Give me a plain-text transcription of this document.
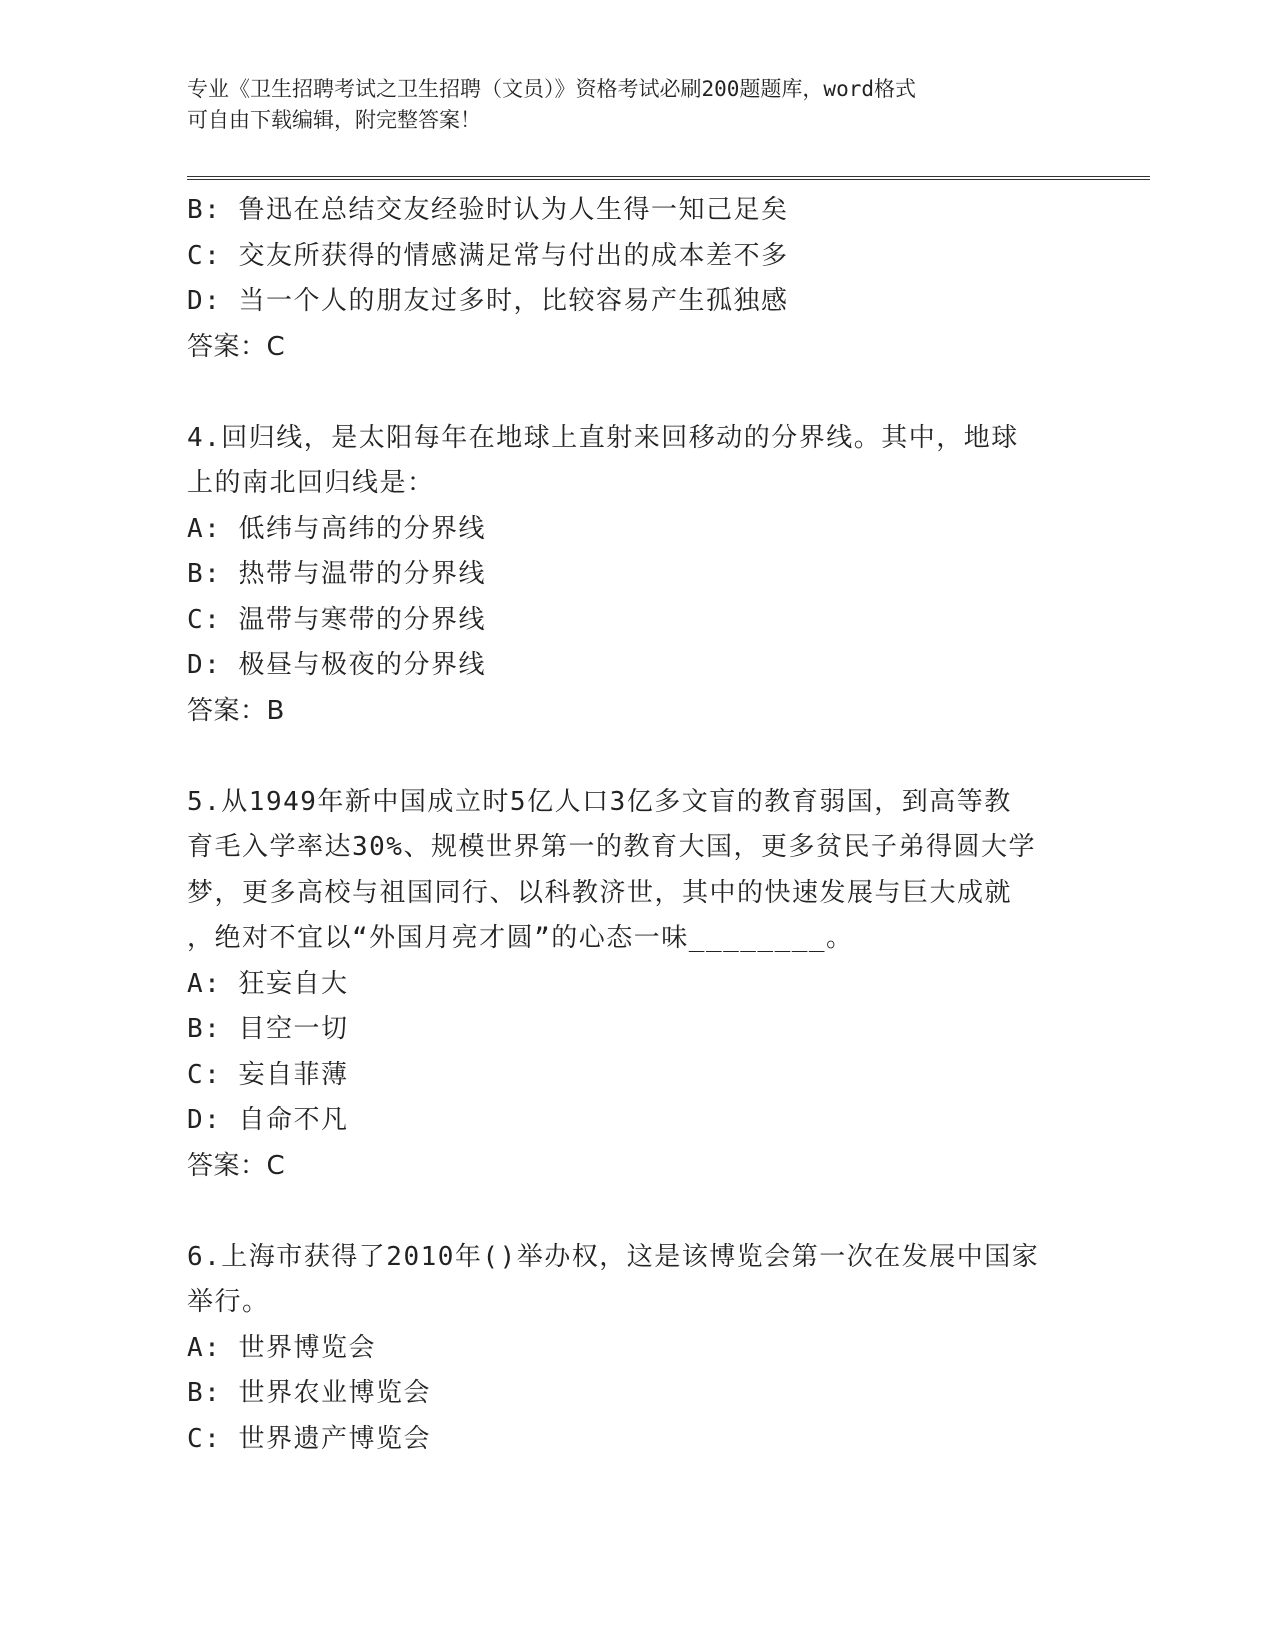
专业《卫生招聘考试之卫生招聘（文员）》资格考试必刷200题题库，word格式
可自由下载编辑，附完整答案！
B: 鲁迅在总结交友经验时认为人生得一知己足矣
C: 交友所获得的情感满足常与付出的成本差不多
D: 当一个人的朋友过多时，比较容易产生孤独感
答案：C
4.回归线，是太阳每年在地球上直射来回移动的分界线。其中，地球
上的南北回归线是：
A: 低纬与高纬的分界线
B: 热带与温带的分界线
C: 温带与寒带的分界线
D: 极昼与极夜的分界线
答案：B
5.从1949年新中国成立时5亿人口3亿多文盲的教育弱国，到高等教
育毛入学率达30%、规模世界第一的教育大国，更多贫民子弟得圆大学
梦，更多高校与祖国同行、以科教济世，其中的快速发展与巨大成就
，绝对不宜以“外国月亮才圆”的心态一味________。
A: 狂妄自大
B: 目空一切
C: 妄自菲薄
D: 自命不凡
答案：C
6.上海市获得了2010年()举办权，这是该博览会第一次在发展中国家
举行。
A: 世界博览会
B: 世界农业博览会
C: 世界遗产博览会
